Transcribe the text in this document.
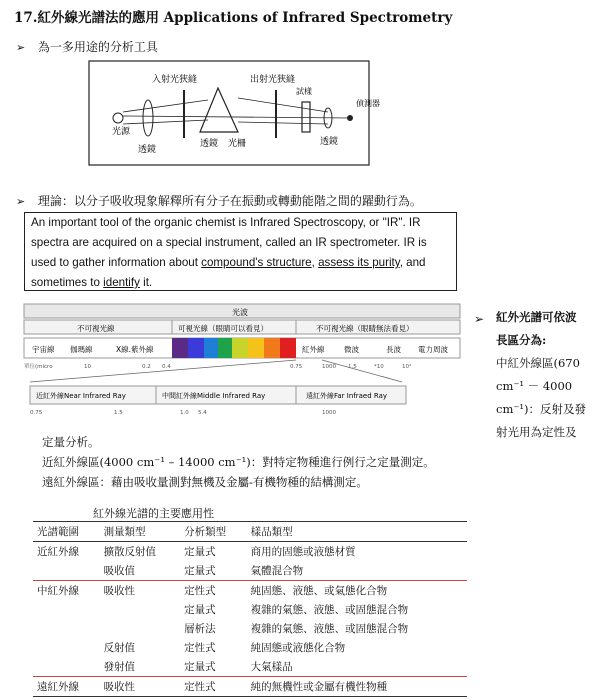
17.紅外線光譜法的應用 Applications of Infrared Spectrometry
➢ 為一多用途的分析工具
光源
透鏡
入射光狹縫
透鏡 光柵
出射光狹縫
試樣
透鏡
偵測器
➢ 理論：以分子吸收現象解釋所有分子在振動或轉動能階之間的躍動行為。
An important tool of the organic chemist is Infrared Spectroscopy, or "IR". IR
spectra are acquired on a special instrument, called an IR spectrometer. IR is
used to gather information about compound's structure, assess its purity, and
sometimes to identify it.
光波
不可視光線	可視光線（眼睛可以看見）	不可視光線（眼睛無法看見）
宇宙線 伽瑪線	X線.紫外線	紅外線	微波	長波 電力周波
單位(micro	10	0.2 0.4	0.75	1000 1.5	*10	10⁴
近紅外線Near Infrared Ray	中間紅外線Middle Infrared Ray	遠紅外線Far Infraed Ray
0.75	1.5	1.0 5.4	1000
➢ 紅外光譜可依波
長區分為:
中紅外線區(670
cm⁻¹ － 4000
cm⁻¹)：反射及發
射光用為定性及
定量分析。
近紅外線區(4000 cm⁻¹ – 14000 cm⁻¹)：對特定物種進行例行之定量測定。
遠紅外線區：藉由吸收量測對無機及金屬-有機物種的結構測定。
紅外線光譜的主要應用性
光譜範圍	測量類型	分析類型	樣品類型
近紅外線	擴散反射值	定量式	商用的固態或液態材質
	吸收值	定量式	氣體混合物
中紅外線	吸收性	定性式	純固態、液態、或氣態化合物
		定量式	複雜的氣態、液態、或固態混合物
		層析法	複雜的氣態、液態、或固態混合物
	反射值	定性式	純固態或液態化合物
	發射值	定量式	大氣樣品
遠紅外線	吸收性	定性式	純的無機性或金屬有機性物種
